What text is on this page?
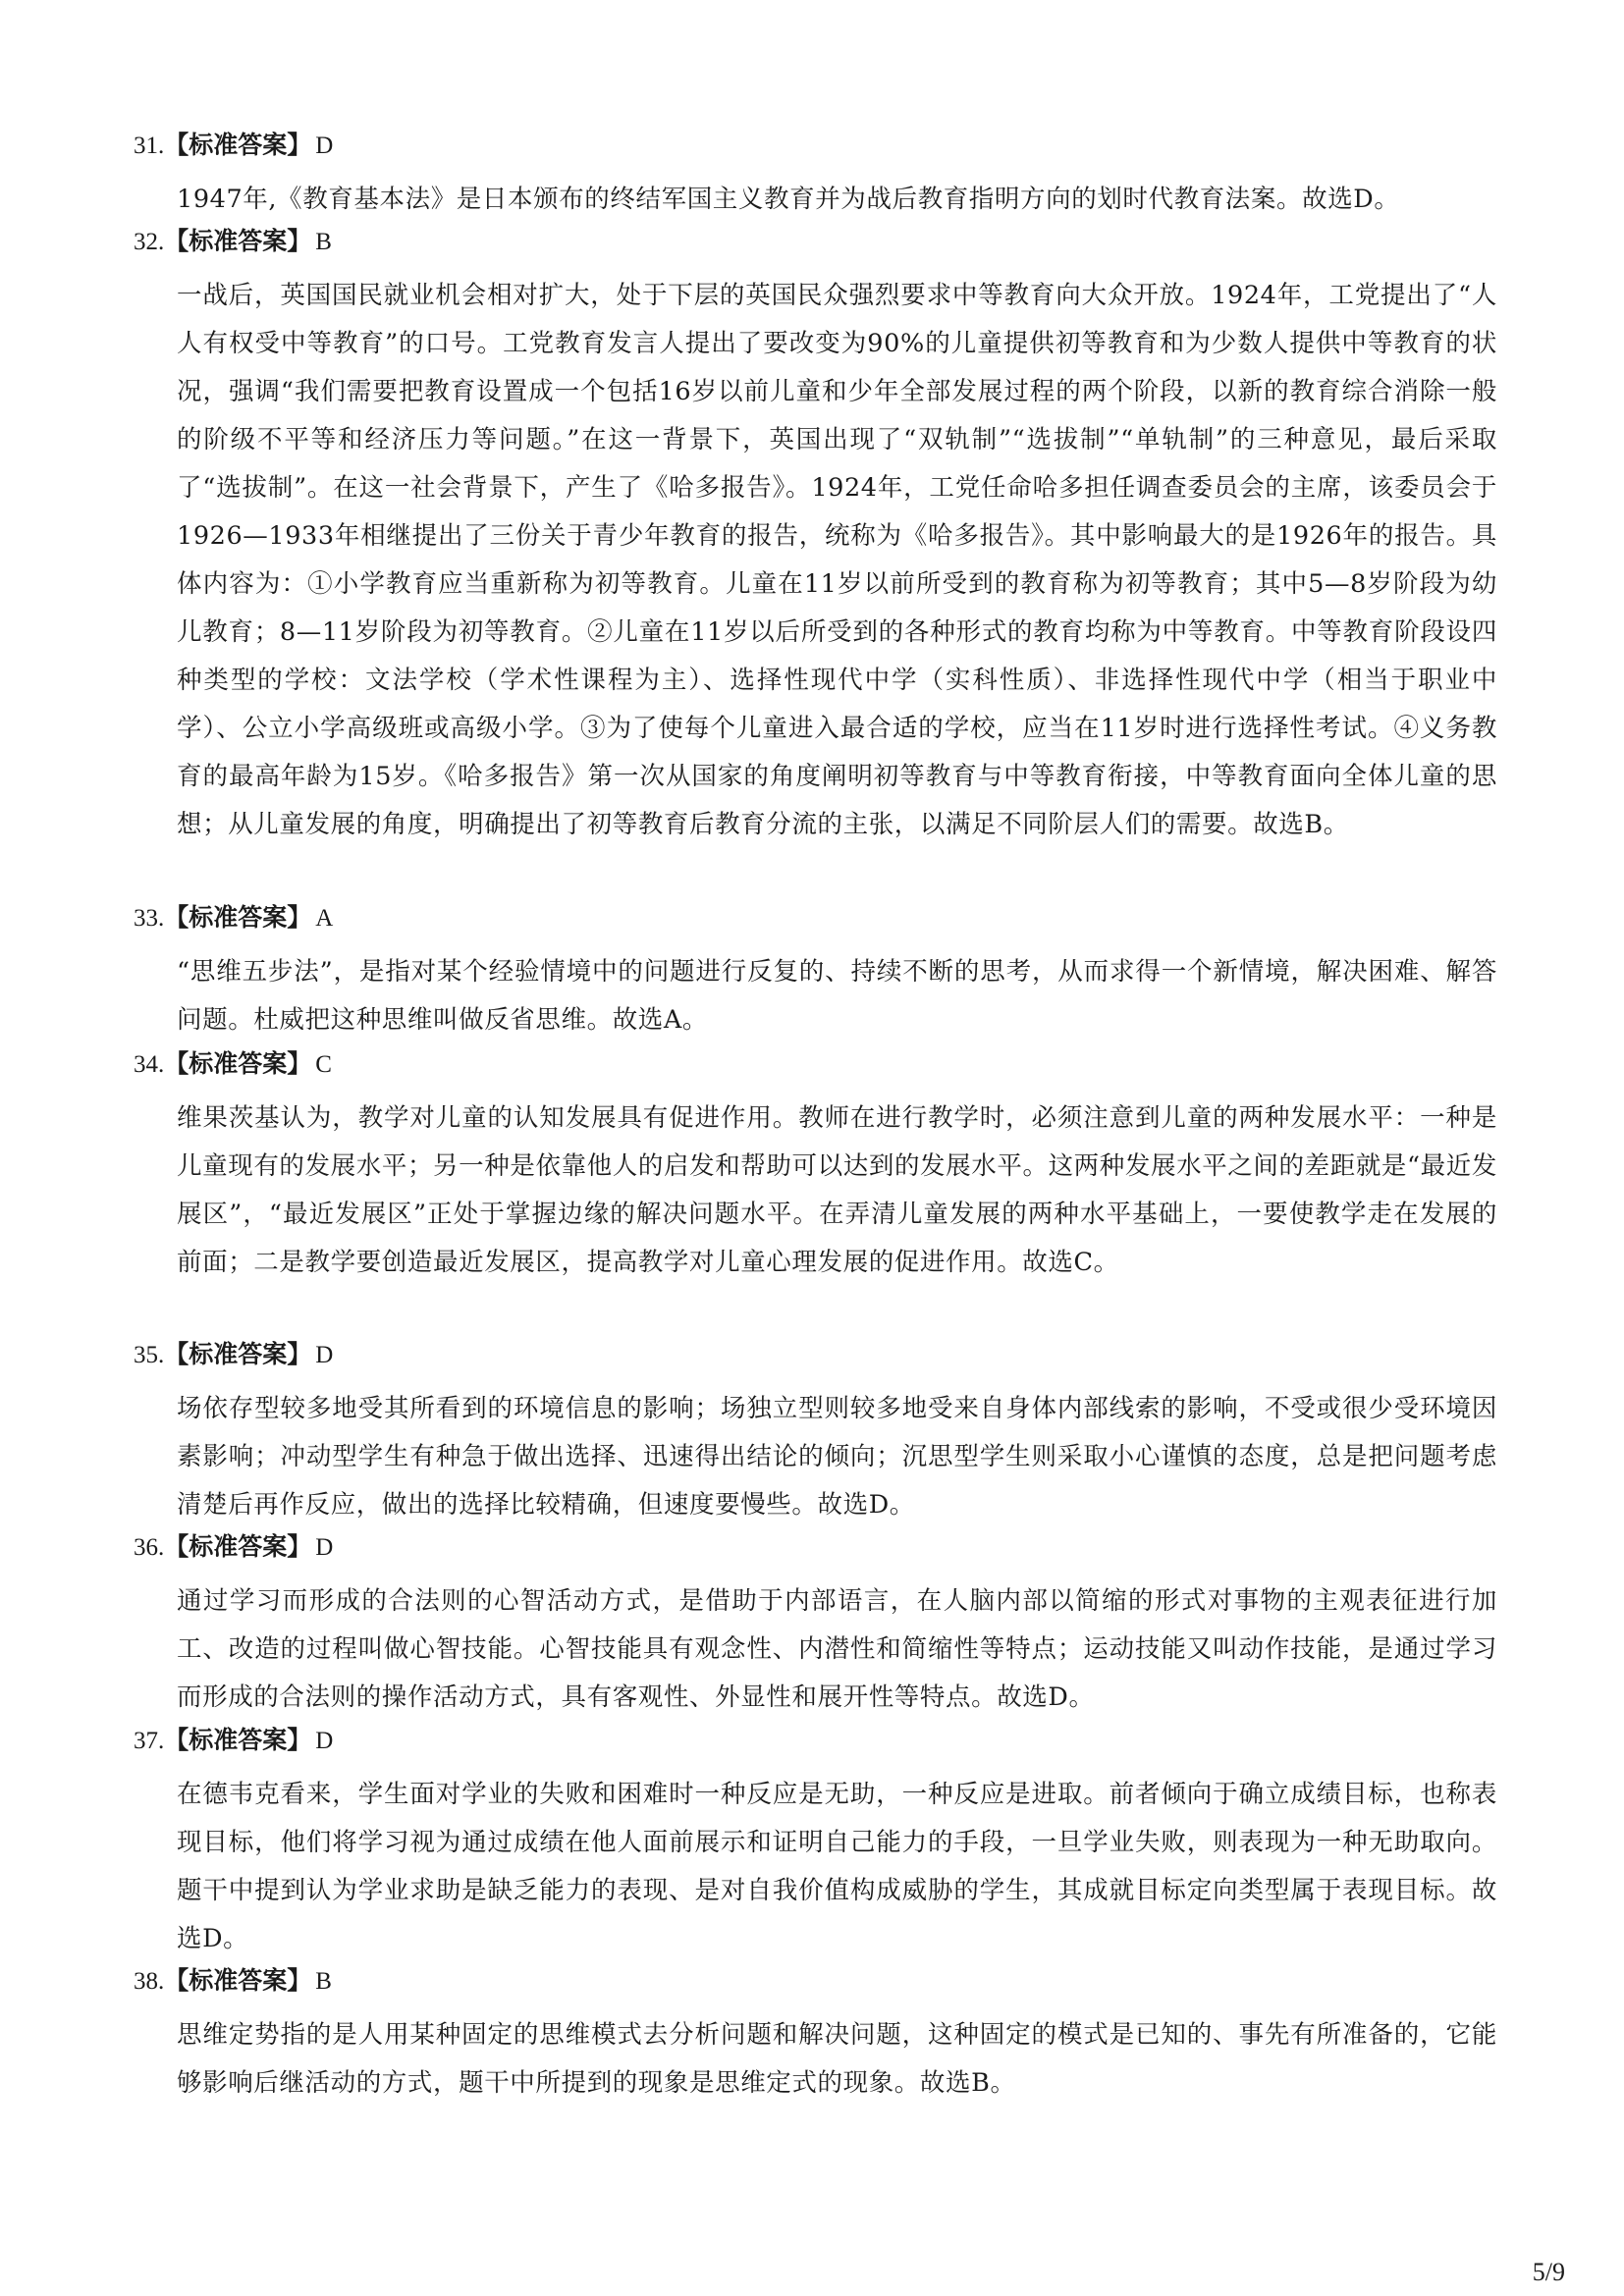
31.【标准答案】 D
1947年,《教育基本法》是日本颁布的终结军国主义教育并为战后教育指明方向的划时代教育法案。故选D。
32.【标准答案】 B
一战后，英国国民就业机会相对扩大，处于下层的英国民众强烈要求中等教育向大众开放。1924年，工党提出了“人人有权受中等教育”的口号。工党教育发言人提出了要改变为90%的儿童提供初等教育和为少数人提供中等教育的状况，强调“我们需要把教育设置成一个包括16岁以前儿童和少年全部发展过程的两个阶段，以新的教育综合消除一般的阶级不平等和经济压力等问题。”在这一背景下，英国出现了“双轨制”“选拔制”“单轨制”的三种意见，最后采取了“选拔制”。在这一社会背景下，产生了《哈多报告》。1924年，工党任命哈多担任调查委员会的主席，该委员会于1926—1933年相继提出了三份关于青少年教育的报告，统称为《哈多报告》。其中影响最大的是1926年的报告。具体内容为：①小学教育应当重新称为初等教育。儿童在11岁以前所受到的教育称为初等教育；其中5—8岁阶段为幼儿教育；8—11岁阶段为初等教育。②儿童在11岁以后所受到的各种形式的教育均称为中等教育。中等教育阶段设四种类型的学校：文法学校（学术性课程为主）、选择性现代中学（实科性质）、非选择性现代中学（相当于职业中学）、公立小学高级班或高级小学。③为了使每个儿童进入最合适的学校，应当在11岁时进行选择性考试。④义务教育的最高年龄为15岁。《哈多报告》第一次从国家的角度阐明初等教育与中等教育衔接，中等教育面向全体儿童的思想；从儿童发展的角度，明确提出了初等教育后教育分流的主张，以满足不同阶层人们的需要。故选B。
33.【标准答案】 A
“思维五步法”，是指对某个经验情境中的问题进行反复的、持续不断的思考，从而求得一个新情境，解决困难、解答问题。杜威把这种思维叫做反省思维。故选A。
34.【标准答案】 C
维果茨基认为，教学对儿童的认知发展具有促进作用。教师在进行教学时，必须注意到儿童的两种发展水平：一种是儿童现有的发展水平；另一种是依靠他人的启发和帮助可以达到的发展水平。这两种发展水平之间的差距就是“最近发展区”，“最近发展区”正处于掌握边缘的解决问题水平。在弄清儿童发展的两种水平基础上，一要使教学走在发展的前面；二是教学要创造最近发展区，提高教学对儿童心理发展的促进作用。故选C。
35.【标准答案】 D
场依存型较多地受其所看到的环境信息的影响；场独立型则较多地受来自身体内部线索的影响，不受或很少受环境因素影响；冲动型学生有种急于做出选择、迅速得出结论的倾向；沉思型学生则采取小心谨慎的态度，总是把问题考虑清楚后再作反应，做出的选择比较精确，但速度要慢些。故选D。
36.【标准答案】 D
通过学习而形成的合法则的心智活动方式，是借助于内部语言，在人脑内部以简缩的形式对事物的主观表征进行加工、改造的过程叫做心智技能。心智技能具有观念性、内潜性和简缩性等特点；运动技能又叫动作技能，是通过学习而形成的合法则的操作活动方式，具有客观性、外显性和展开性等特点。故选D。
37.【标准答案】 D
在德韦克看来，学生面对学业的失败和困难时一种反应是无助，一种反应是进取。前者倾向于确立成绩目标，也称表现目标，他们将学习视为通过成绩在他人面前展示和证明自己能力的手段，一旦学业失败，则表现为一种无助取向。题干中提到认为学业求助是缺乏能力的表现、是对自我价值构成威胁的学生，其成就目标定向类型属于表现目标。故选D。
38.【标准答案】 B
思维定势指的是人用某种固定的思维模式去分析问题和解决问题，这种固定的模式是已知的、事先有所准备的，它能够影响后继活动的方式，题干中所提到的现象是思维定式的现象。故选B。
5/9
